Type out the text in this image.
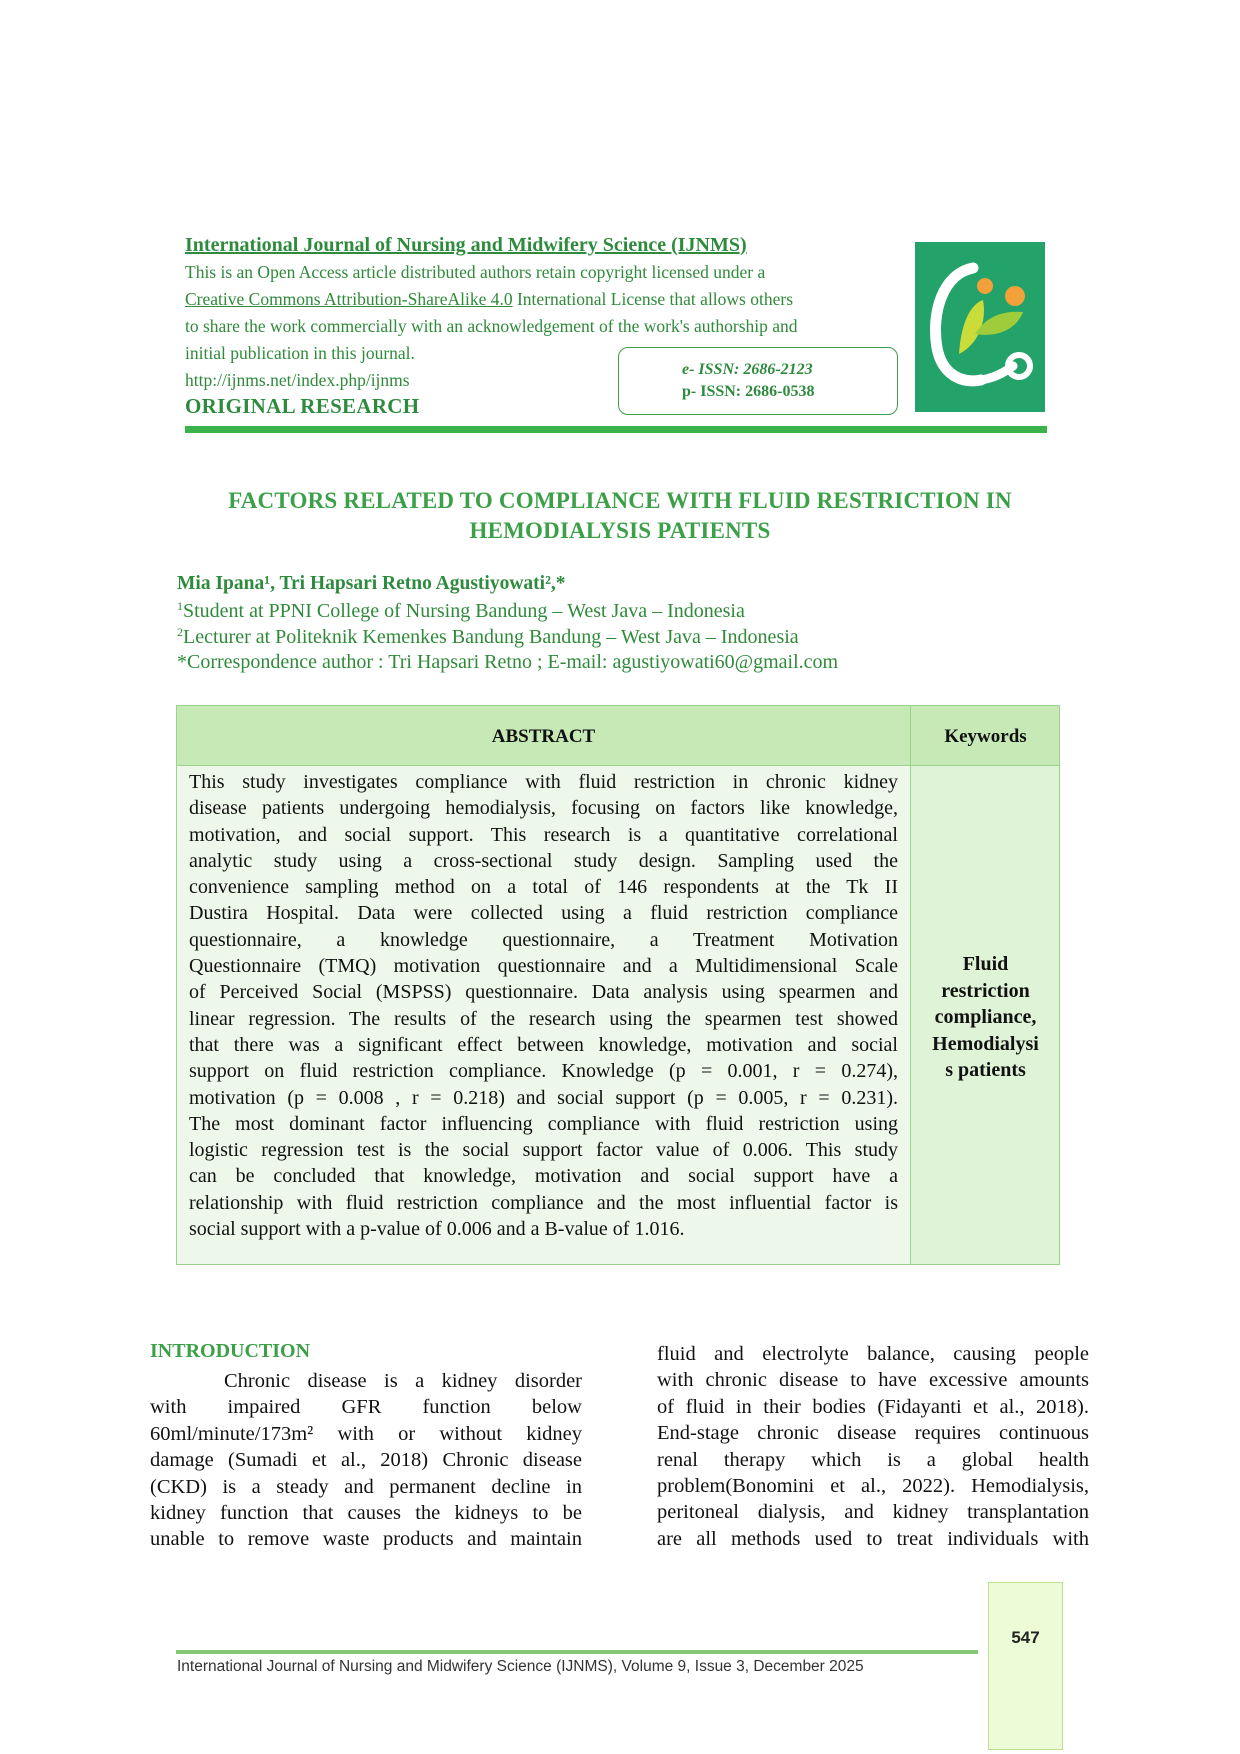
International Journal of Nursing and Midwifery Science (IJNMS)
This is an Open Access article distributed authors retain copyright licensed under a
Creative Commons Attribution-ShareAlike 4.0 International License that allows others
to share the work commercially with an acknowledgement of the work's authorship and
initial publication in this journal.
http://ijnms.net/index.php/ijnms
ORIGINAL RESEARCH
e- ISSN: 2686-2123
p- ISSN: 2686-0538
FACTORS RELATED TO COMPLIANCE WITH FLUID RESTRICTION IN
HEMODIALYSIS PATIENTS
Mia Ipana¹, Tri Hapsari Retno Agustiyowati²,*
$^1$Student at PPNI College of Nursing Bandung – West Java – Indonesia
$^2$Lecturer at Politeknik Kemenkes Bandung Bandung – West Java – Indonesia
*Correspondence author : Tri Hapsari Retno ; E-mail: agustiyowati60@gmail.com
ABSTRACT	Keywords
This study investigates compliance with fluid restriction in chronic kidney
disease patients undergoing hemodialysis, focusing on factors like knowledge,
motivation, and social support. This research is a quantitative correlational
analytic study using a cross-sectional study design. Sampling used the
convenience sampling method on a total of 146 respondents at the Tk II
Dustira Hospital. Data were collected using a fluid restriction compliance
questionnaire, a knowledge questionnaire, a Treatment Motivation
Questionnaire (TMQ) motivation questionnaire and a Multidimensional Scale
of Perceived Social (MSPSS) questionnaire. Data analysis using spearmen and
linear regression. The results of the research using the spearmen test showed
that there was a significant effect between knowledge, motivation and social
support on fluid restriction compliance. Knowledge (p = 0.001, r = 0.274),
motivation (p = 0.008 , r = 0.218) and social support (p = 0.005, r = 0.231).
The most dominant factor influencing compliance with fluid restriction using
logistic regression test is the social support factor value of 0.006. This study
can be concluded that knowledge, motivation and social support have a
relationship with fluid restriction compliance and the most influential factor is
social support with a p-value of 0.006 and a B-value of 1.016.
Fluid
restriction
compliance,
Hemodialysi
s patients
INTRODUCTION
Chronic disease is a kidney disorder
with impaired GFR function below
60ml/minute/173m² with or without kidney
damage (Sumadi et al., 2018) Chronic disease
(CKD) is a steady and permanent decline in
kidney function that causes the kidneys to be
unable to remove waste products and maintain
fluid and electrolyte balance, causing people
with chronic disease to have excessive amounts
of fluid in their bodies (Fidayanti et al., 2018).
End-stage chronic disease requires continuous
renal therapy which is a global health
problem(Bonomini et al., 2022). Hemodialysis,
peritoneal dialysis, and kidney transplantation
are all methods used to treat individuals with
547
International Journal of Nursing and Midwifery Science (IJNMS), Volume 9, Issue 3, December 2025
